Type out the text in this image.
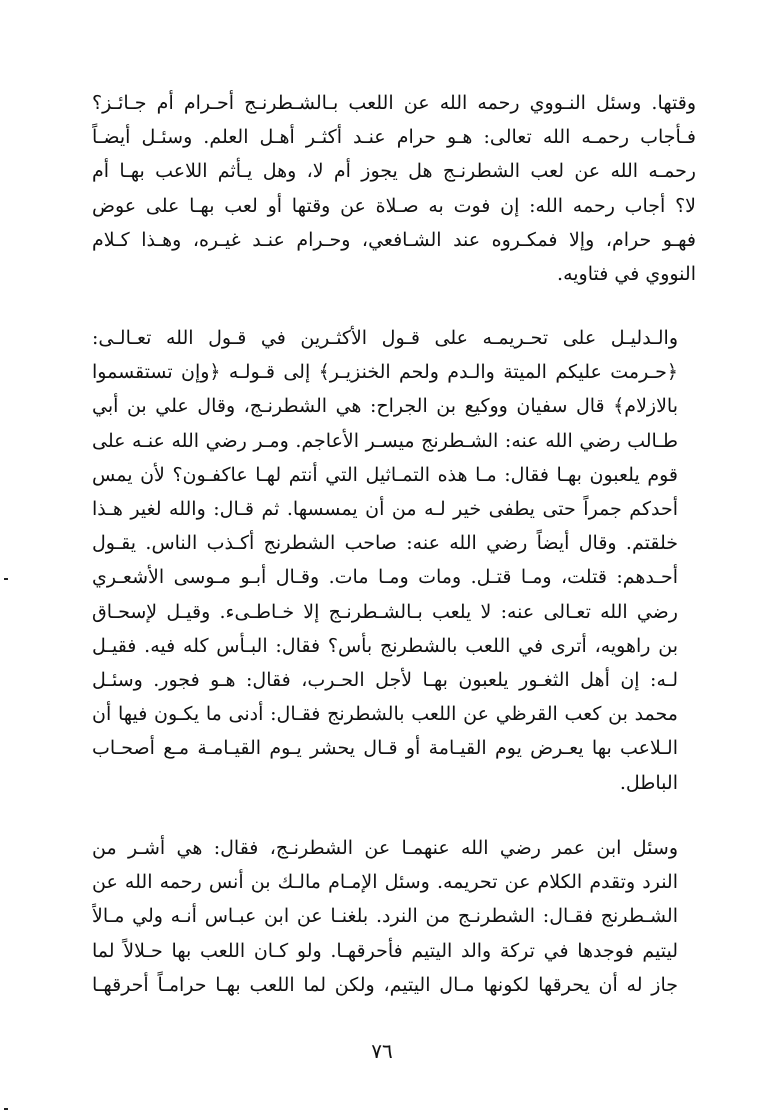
وقتها. وسئل النـووي رحمه الله عن اللعب بـالشـطرنـج أحـرام أم جـائـز؟
فـأجاب رحمـه الله تعالى: هـو حرام عنـد أكثـر أهـل العلم. وسئـل أيضـاً
رحمـه الله عن لعب الشطرنـج هل يجوز أم لا، وهل يـأثم اللاعب بهـا أم
لا؟ أجاب رحمه الله: إن فوت به صـلاة عن وقتها أو لعب بهـا على عوض
فهـو حرام، وإلا فمكـروه عند الشـافعي، وحـرام عنـد غيـره، وهـذا كـلام
النووي في فتاويه.
والـدليـل على تحـريمـه على قـول الأكثـرين في قـول الله تعـالـى:
﴿حـرمت عليكم الميتة والـدم ولحم الخنزيـر﴾ إلى قـولـه ﴿وإن تستقسموا
بالازلام﴾ قال سفيان ووكيع بن الجراح: هي الشطرنـج، وقال علي بن أبي
طـالب رضي الله عنه: الشـطرنج ميسـر الأعاجم. ومـر رضي الله عنـه على
قوم يلعبون بهـا فقال: مـا هذه التمـاثيل التي أنتم لهـا عاكفـون؟ لأن يمس
أحدكم جمراً حتى يطفى خير لـه من أن يمسسها. ثم قـال: والله لغير هـذا
خلقتم. وقال أيضاً رضي الله عنه: صاحب الشطرنج أكـذب الناس. يقـول
أحـدهم: قتلت، ومـا قتـل. ومات ومـا مات. وقـال أبـو مـوسى الأشعـري
رضي الله تعـالى عنه: لا يلعب بـالشـطرنـج إلا خـاطـىء. وقيـل لإسحـاق
بن راهويه، أترى في اللعب بالشطرنج بأس؟ فقال: البـأس كله فيه. فقيـل
لـه: إن أهل الثغـور يلعبون بهـا لأجل الحـرب، فقال: هـو فجور. وسئـل
محمد بن كعب القرظي عن اللعب بالشطرنج فقـال: أدنى ما يكـون فيها أن
الـلاعب بها يعـرض يوم القيـامة أو قـال يحشر يـوم القيـامـة مـع أصحـاب
الباطل.
وسئل ابن عمر رضي الله عنهمـا عن الشطرنـج، فقال: هي أشـر من
النرد وتقدم الكلام عن تحريمه. وسئل الإمـام مالـك بن أنس رحمه الله عن
الشـطرنج فقـال: الشطرنـج من النرد. بلغنـا عن ابن عبـاس أنـه ولي مـالاً
ليتيم فوجدها في تركة والد اليتيم فأحرقهـا. ولو كـان اللعب بها حـلالاً لما
جاز له أن يحرقها لكونها مـال اليتيم، ولكن لما اللعب بهـا حرامـاً أحرقهـا
٧٦
